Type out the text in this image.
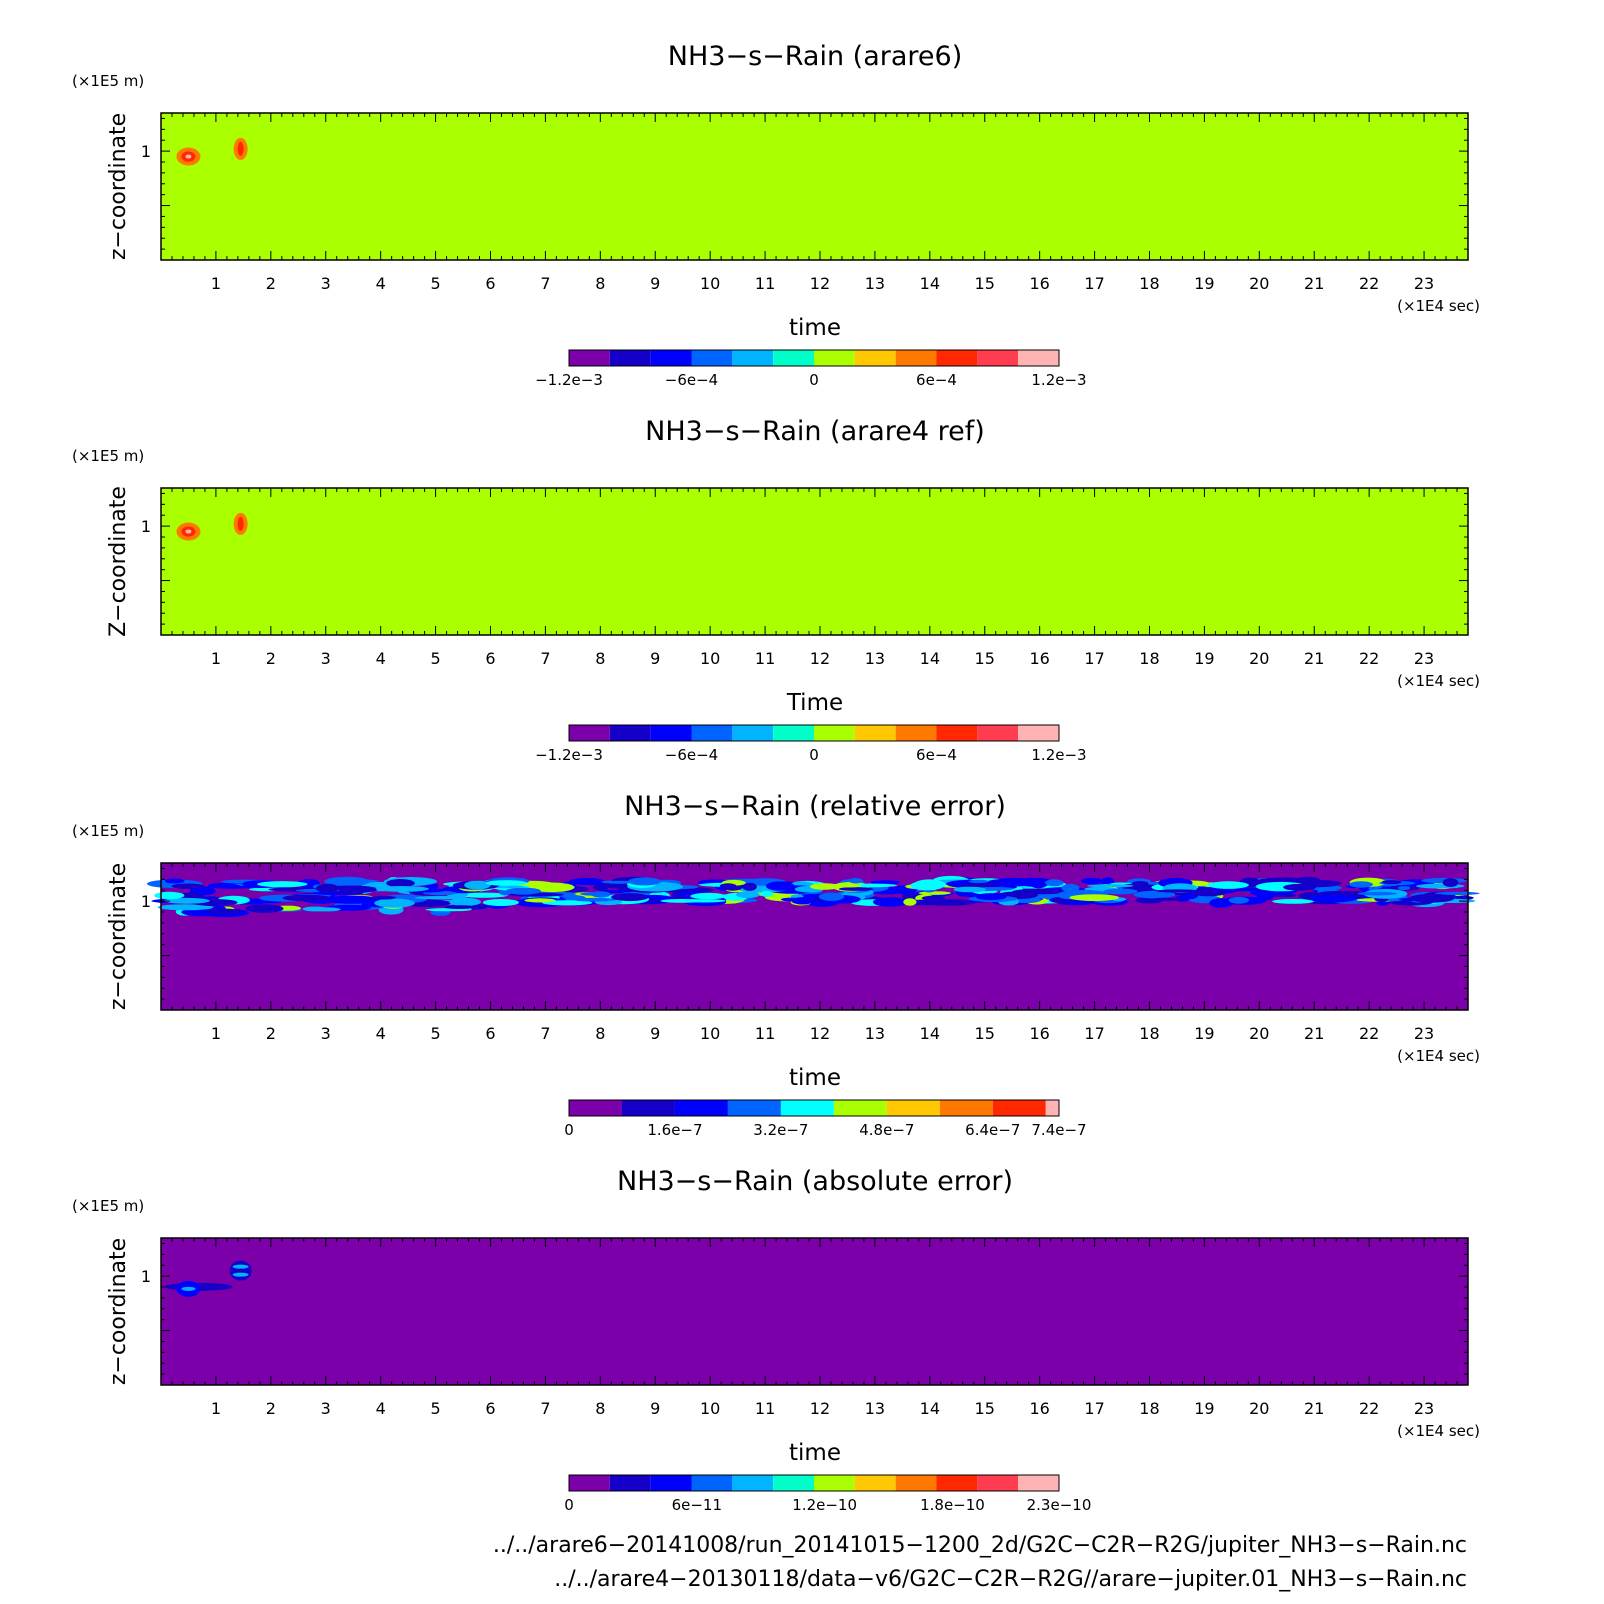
NH3−s−Rain (arare6)
(×1E5 m)
(×1E4 sec)
1	2	3	4	5	6	7	8	9 10 11 12 13 14 15 16 17 18 19 20 21 22 23
1
z−coordinate
time
−1.2e−3	−6e−4	0	6e−4	1.2e−3
NH3−s−Rain (arare4 ref)
(×1E5 m)
(×1E4 sec)
1	2	3	4	5	6	7	8	9 10 11 12 13 14 15 16 17 18 19 20 21 22 23
1
Z−coordinate
Time
−1.2e−3	−6e−4	0	6e−4	1.2e−3
NH3−s−Rain (relative error)
(×1E5 m)
(×1E4 sec)
1	2	3	4	5	6	7	8	9 10 11 12 13 14 15 16 17 18 19 20 21 22 23
1
z−coordinate
time
0	1.6e−7	3.2e−7	4.8e−7	6.4e−7 7.4e−7
NH3−s−Rain (absolute error)
(×1E5 m)
(×1E4 sec)
1	2	3	4	5	6	7	8	9 10 11 12 13 14 15 16 17 18 19 20 21 22 23
1
z−coordinate
time
0	6e−11	1.2e−10	1.8e−10	2.3e−10
../../arare6−20141008/run_20141015−1200_2d/G2C−C2R−R2G/jupiter_NH3−s−Rain.nc
../../arare4−20130118/data−v6/G2C−C2R−R2G//arare−jupiter.01_NH3−s−Rain.nc
